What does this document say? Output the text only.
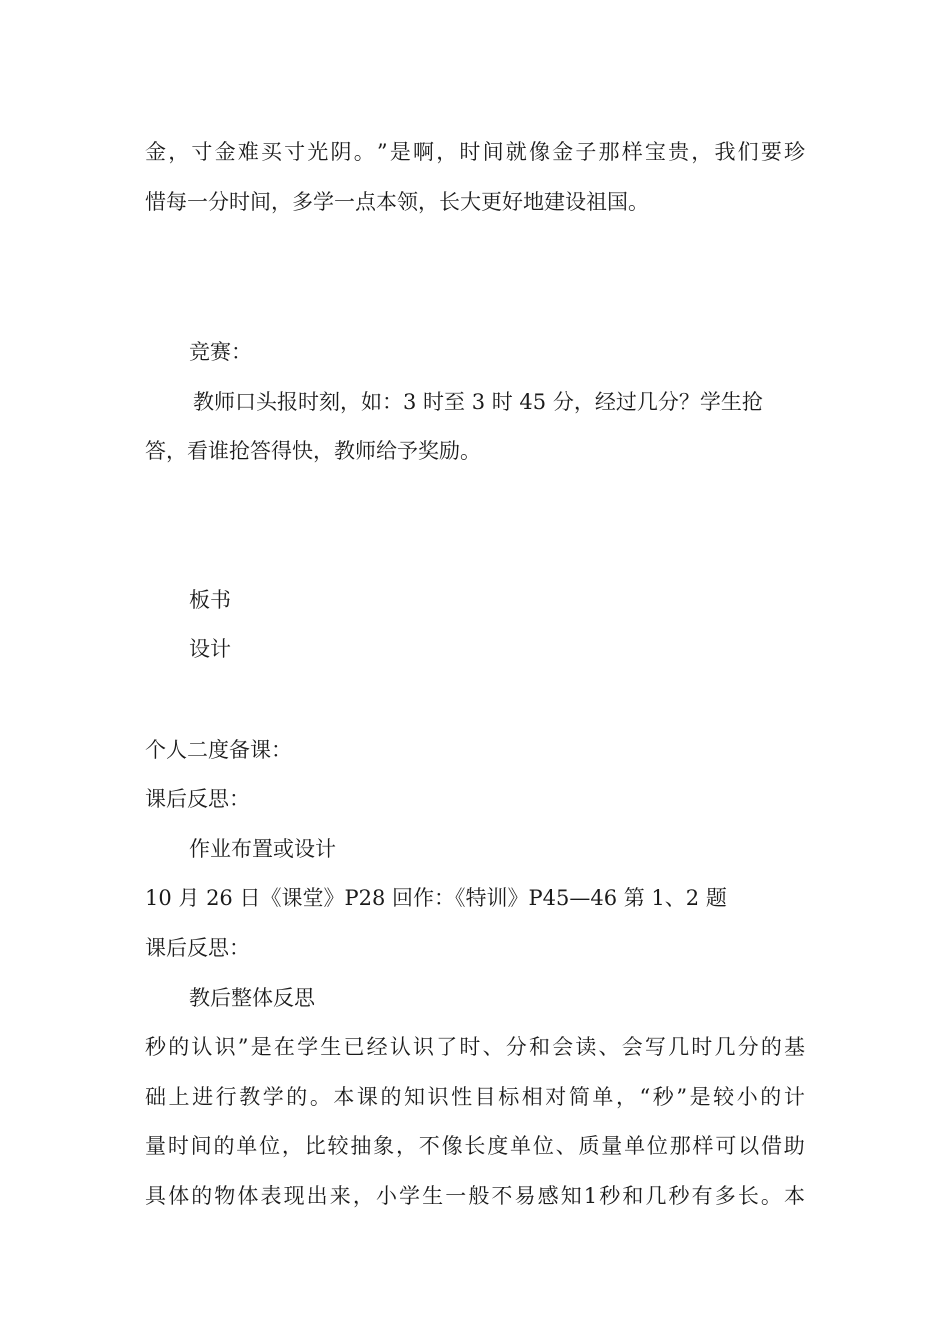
金 ， 寸 金 难 买 寸 光 阴 。 ” 是 啊 ， 时 间 就 像 金 子 那 样 宝 贵 ， 我 们 要 珍
惜每一分时间，多学一点本领，长大更好地建设祖国。
竞赛：
教师口头报时刻，如：3 时至 3 时 45 分，经过几分？学生抢
答，看谁抢答得快，教师给予奖励。
板书
设计
个人二度备课：
课后反思：
作业布置或设计
10 月 26 日《课堂》P28 回作：《特训》P45—46 第 1、2 题
课后反思：
教后整体反思
秒 的 认 识 ” 是 在 学 生 已 经 认 识 了 时 、 分 和 会 读 、 会 写 几 时 几 分 的 基
础 上 进 行 教 学 的 。 本 课 的 知 识 性 目 标 相 对 简 单 ， “ 秒 ” 是 较 小 的 计
量 时 间 的 单 位 ， 比 较 抽 象 ， 不 像 长 度 单 位 、 质 量 单 位 那 样 可 以 借 助
具 体 的 物 体 表 现 出 来 ， 小 学 生 一 般 不 易 感 知 1 秒 和 几 秒 有 多 长 。 本
